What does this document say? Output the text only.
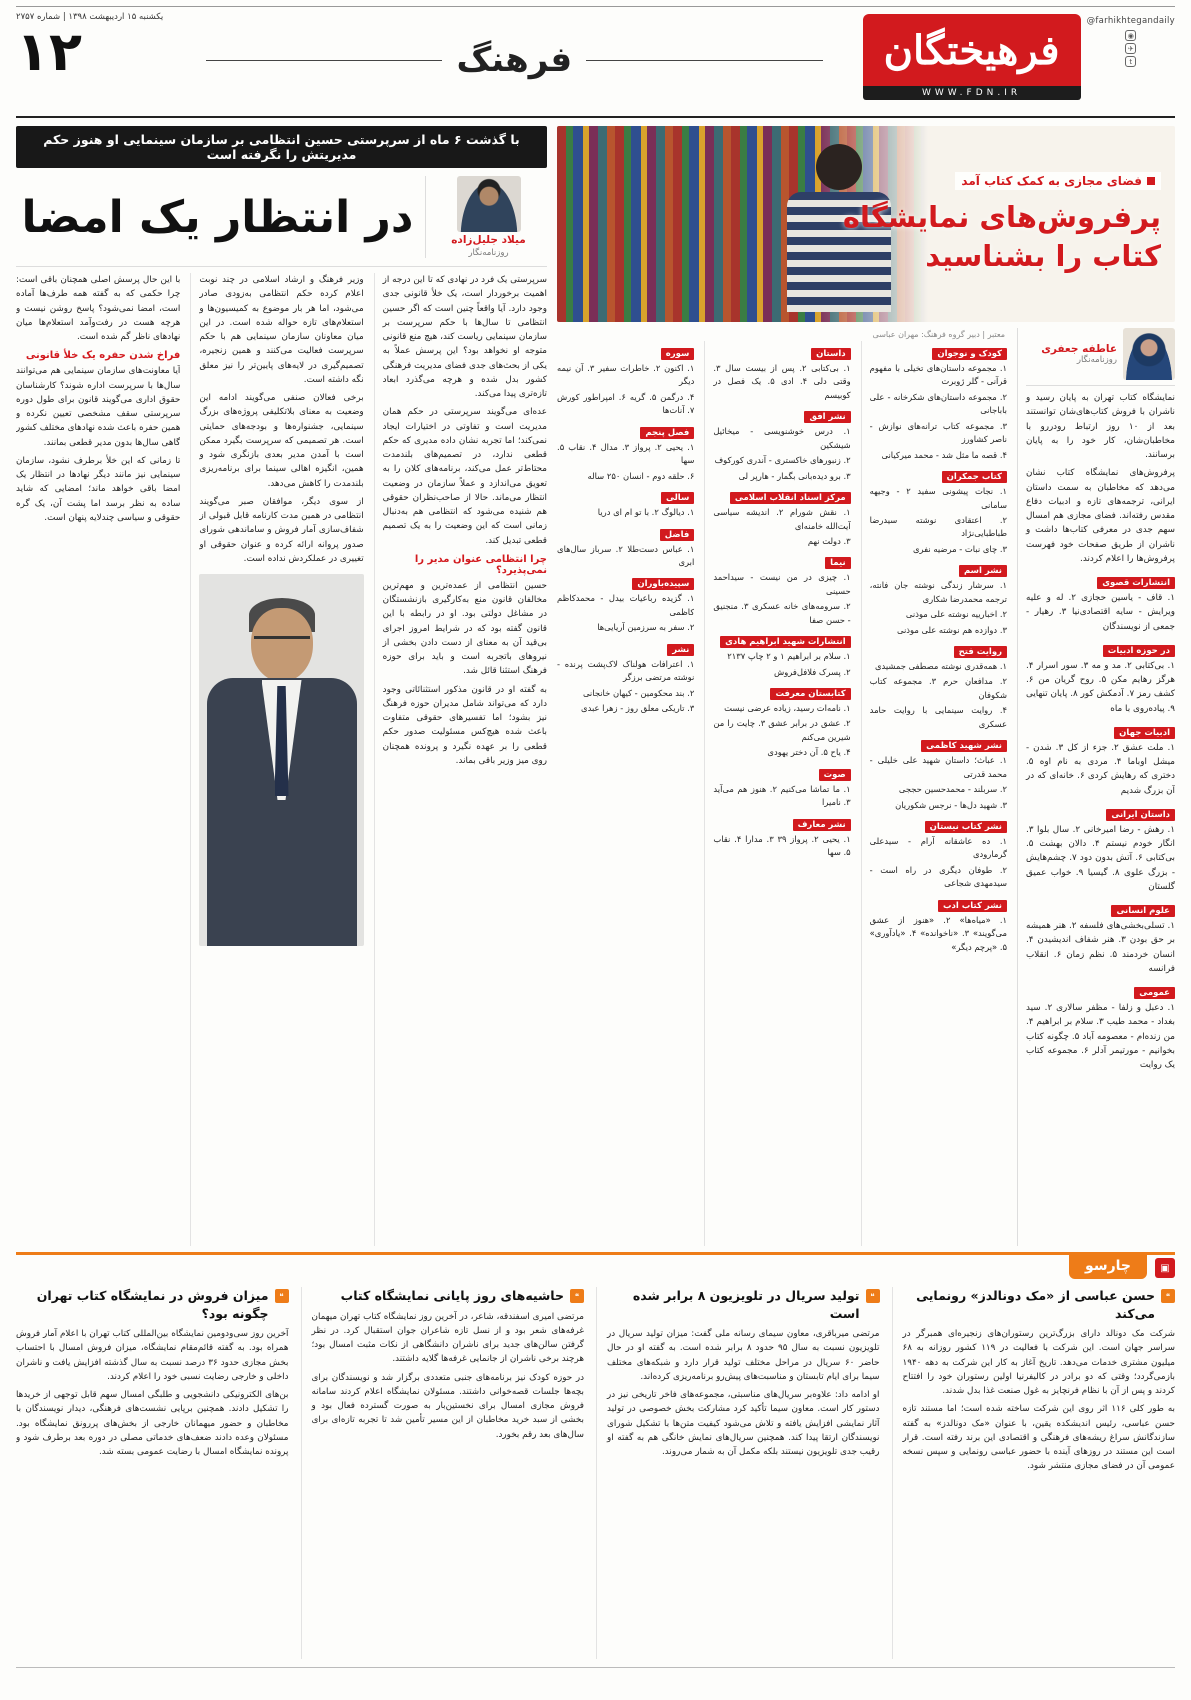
@farhikhtegandaily
◉
✈
t
فرهیختگان
WWW.FDN.IR
فرهنگ
یکشنبه ۱۵ اردیبهشت ۱۳۹۸ | شماره ۲۷۵۷
۱۲
فضای مجازی به کمک کتاب آمد
پرفروش‌های نمایشگاه
کتاب را بشناسید
عاطفه جعفری
روزنامه‌نگار

نمایشگاه کتاب تهران به پایان رسید و ناشران با فروش کتاب‌های‌شان توانستند بعد از ۱۰ روز ارتباط رودررو با مخاطبان‌شان، کار خود را به پایان برسانند.

پرفروش‌های نمایشگاه کتاب نشان می‌دهد که مخاطبان به سمت داستان ایرانی، ترجمه‌های تازه و ادبیات دفاع مقدس رفته‌اند. فضای مجازی هم امسال سهم جدی در معرفی کتاب‌ها داشت و ناشران از طریق صفحات خود فهرست پرفروش‌ها را اعلام کردند.

انتشارات قصوی

۱. قاف - یاسین حجازی ۲. له و علیه ویرایش - سایه اقتصادی‌نیا ۳. رهیار - جمعی از نویسندگان

در حوزه ادبیات

۱. بی‌کتابی ۲. مد و مه ۳. سور اسرار ۴. هرگز رهایم مکن ۵. روح گریان من ۶. کشف رمز ۷. آدمکش کور ۸. پایان تنهایی ۹. پیاده‌روی با ماه

ادبیات جهان

۱. ملت عشق ۲. جزء از کل ۳. شدن - میشل اوباما ۴. مردی به نام اوه ۵. دختری که رهایش کردی ۶. خانه‌ای که در آن بزرگ شدیم

داستان ایرانی

۱. رهش - رضا امیرخانی ۲. سال بلوا ۳. انگار خودم نیستم ۴. دالان بهشت ۵. بی‌کتابی ۶. آتش بدون دود ۷. چشم‌هایش - بزرگ علوی ۸. گیسیا ۹. خواب عمیق گلستان

علوم انسانی

۱. تسلی‌بخشی‌های فلسفه ۲. هنر همیشه بر حق بودن ۳. هنر شفاف اندیشیدن ۴. انسان خردمند ۵. نظم زمان ۶. انقلاب فرانسه

عمومی

۱. دعبل و زلفا - مظفر سالاری ۲. سید بغداد - محمد طیب ۳. سلام بر ابراهیم ۴. من زنده‌ام - معصومه آباد ۵. چگونه کتاب بخوانیم - مورتیمر آدلر ۶. مجموعه کتاب یک روایت

معتبر | دبیر گروه فرهنگ: مهران عباسی
کودک و نوجوان
۱. مجموعه داستان‌های تخیلی با مفهوم قرآنی - گلر ژوبرت
۲. مجموعه داستان‌های شکرخانه - علی باباجانی
۳. مجموعه کتاب ترانه‌های نوازش - ناصر کشاورز
۴. قصه ما مثل شد - محمد میرکیانی
کتاب جمکران
۱. نجات پیشونی سفید ۲ - وجیهه سامانی
۲. اعتقادی نوشته سیدرضا طباطبایی‌نژاد
۳. چای نبات - مرضیه نفری
نشر اسم
۱. سرشار زندگی نوشته جان فانته، ترجمه محمدرضا شکاری
۲. اخبارییه نوشته علی موذنی
۳. دوازده هم نوشته علی موذنی
روایت فتح
۱. همه‌قدری نوشته مصطفی جمشیدی
۲. مدافعان حرم ۳. مجموعه کتاب شکوفان
۴. روایت سینمایی با روایت حامد عسکری
نشر شهید کاظمی
۱. عباث؛ داستان شهید علی خلیلی - محمد قدرتی
۲. سربلند - محمدحسین حججی
۳. شهید دل‌ها - نرجس شکوریان
نشر کتاب نیستان
۱. ده عاشقانه آرام - سیدعلی گرمارودی
۲. طوفان دیگری در راه است - سیدمهدی شجاعی
نشر کتاب ادب
۱. «میاه‌ها» ۲. «هنوز از عشق می‌گویند» ۳. «ناخوانده» ۴. «یادآوری» ۵. «پرچم دیگر»
داستان
۱. بی‌کتابی ۲. پس از بیست سال ۳. وقتی دلی ۴. ادی ۵. یک فصل در کوبیسم
نشر افق
۱. درس خوشنویسی - میخائیل شیشکین
۲. زنبورهای خاکستری - آندری کورکوف
۳. برو دیده‌بانی بگمار - هارپر لی
مرکز اسناد انقلاب اسلامی
۱. نقش شورام ۲. اندیشه سیاسی آیت‌الله خامنه‌ای
۳. دولت نهم
نیما
۱. چیزی در من نیست - سیداحمد حسینی
۲. سرومه‌های خانه عسکری ۳. منجنیق - حسن صفا
انتشارات شهید ابراهیم هادی
۱. سلام بر ابراهیم ۱ و ۲ چاپ ۲۱۳۷
۲. پسرک فلافل‌فروش
کتابستان معرفت
۱. نامه‌ات رسید، زیاده عرضی نیست
۲. عشق در برابر عشق ۳. چایت را من شیرین می‌کنم
۴. یاح ۵. آن دختر یهودی
صوت
۱. ما تماشا می‌کنیم ۲. هنوز هم می‌آید ۳. نامیرا
نشر معارف
۱. یحیی ۲. پرواز ۳۹ ۳. مدارا ۴. نقاب ۵. سها
سوره
۱. اکنون ۲. خاطرات سفیر ۳. آن نیمه دیگر
۴. درگمن ۵. گریه ۶. امپراطور کورش ۷. آنات‌ها
فصل پنجم
۱. یحیی ۲. پرواز ۳. مدال ۴. نقاب ۵. سها
۶. حلقه دوم - انسان ۲۵۰ ساله
سالی
۱. دیالوگ ۲. با تو ام ای دریا
فاضل
۱. عباس دست‌طلا ۲. سرباز سال‌های ابری
سپیده‌باوران
۱. گزیده رباعیات بیدل - محمدکاظم کاظمی
۲. سفر به سرزمین آریایی‌ها
نشر
۱. اعترافات هولناک لاک‌پشت پرنده - نوشته مرتضی برزگر
۲. بند محکومین - کیهان خانجانی
۳. تاریکی معلق روز - زهرا عبدی
با گذشت ۶ ماه از سرپرستی حسین انتظامی بر سازمان سینمایی او هنوز حکم مدیریتش را نگرفته است
میلاد جلیل‌زاده
روزنامه‌نگار
در انتظار یک امضا

سرپرستی یک فرد در نهادی که تا این درجه از اهمیت برخوردار است، یک خلأ قانونی جدی وجود دارد. آیا واقعاً چنین است که اگر حسین انتظامی تا سال‌ها با حکم سرپرست بر سازمان سینمایی ریاست کند، هیچ منع قانونی متوجه او نخواهد بود؟ این پرسش عملاً به یکی از بحث‌های جدی فضای مدیریت فرهنگی کشور بدل شده و هرچه می‌گذرد ابعاد تازه‌تری پیدا می‌کند.

عده‌ای می‌گویند سرپرستی در حکم همان مدیریت است و تفاوتی در اختیارات ایجاد نمی‌کند؛ اما تجربه نشان داده مدیری که حکم قطعی ندارد، در تصمیم‌های بلندمدت محتاط‌تر عمل می‌کند، برنامه‌های کلان را به تعویق می‌اندازد و عملاً سازمان در وضعیت انتظار می‌ماند. حالا از صاحب‌نظران حقوقی هم شنیده می‌شود که انتظامی هم به‌دنبال زمانی است که این وضعیت را به یک تصمیم قطعی تبدیل کند.

چرا انتظامی عنوان مدیر را نمی‌پذیرد؟

حسین انتظامی از عمده‌ترین و مهم‌ترین مخالفان قانون منع به‌کارگیری بازنشستگان در مشاغل دولتی بود. او در رابطه با این قانون گفته بود که در شرایط امروز اجرای بی‌قید آن به معنای از دست دادن بخشی از نیروهای باتجربه است و باید برای حوزه فرهنگ استثنا قائل شد.

به گفته او در قانون مذکور استثنائاتی وجود دارد که می‌تواند شامل مدیران حوزه فرهنگ نیز بشود؛ اما تفسیرهای حقوقی متفاوت باعث شده هیچ‌کس مسئولیت صدور حکم قطعی را بر عهده نگیرد و پرونده همچنان روی میز وزیر باقی بماند.

وزیر فرهنگ و ارشاد اسلامی در چند نوبت اعلام کرده حکم انتظامی به‌زودی صادر می‌شود، اما هر بار موضوع به کمیسیون‌ها و استعلام‌های تازه حواله شده است. در این میان معاونان سازمان سینمایی هم با حکم سرپرست فعالیت می‌کنند و همین زنجیره، تصمیم‌گیری در لایه‌های پایین‌تر را نیز معلق نگه داشته است.

برخی فعالان صنفی می‌گویند ادامه این وضعیت به معنای بلاتکلیفی پروژه‌های بزرگ سینمایی، جشنواره‌ها و بودجه‌های حمایتی است. هر تصمیمی که سرپرست بگیرد ممکن است با آمدن مدیر بعدی بازنگری شود و همین، انگیزه اهالی سینما برای برنامه‌ریزی بلندمدت را کاهش می‌دهد.

از سوی دیگر، موافقان صبر می‌گویند انتظامی در همین مدت کارنامه قابل قبولی از شفاف‌سازی آمار فروش و ساماندهی شورای صدور پروانه ارائه کرده و عنوان حقوقی او تغییری در عملکردش نداده است.

با این حال پرسش اصلی همچنان باقی است: چرا حکمی که به گفته همه طرف‌ها آماده است، امضا نمی‌شود؟ پاسخ روشن نیست و هرچه هست در رفت‌وآمد استعلام‌ها میان نهادهای ناظر گم شده است.

فراخ شدن حفره یک خلأ قانونی

آیا معاونت‌های سازمان سینمایی هم می‌توانند سال‌ها با سرپرست اداره شوند؟ کارشناسان حقوق اداری می‌گویند قانون برای طول دوره سرپرستی سقف مشخصی تعیین نکرده و همین حفره باعث شده نهادهای مختلف کشور گاهی سال‌ها بدون مدیر قطعی بمانند.

تا زمانی که این خلأ برطرف نشود، سازمان سینمایی نیز مانند دیگر نهادها در انتظار یک امضا باقی خواهد ماند؛ امضایی که شاید ساده به نظر برسد اما پشت آن، یک گره حقوقی و سیاسی چندلایه پنهان است.

▣
چارسو
❝
حسن عباسی از «مک دونالدز» رونمایی می‌کند

شرکت مک دونالد دارای بزرگ‌ترین رستوران‌های زنجیره‌ای همبرگر در سراسر جهان است. این شرکت با فعالیت در ۱۱۹ کشور روزانه به ۶۸ میلیون مشتری خدمات می‌دهد. تاریخ آغاز به کار این شرکت به دهه ۱۹۴۰ بازمی‌گردد؛ وقتی که دو برادر در کالیفرنیا اولین رستوران خود را افتتاح کردند و پس از آن با نظام فرنچایز به غول صنعت غذا بدل شدند.

به طور کلی ۱۱۶ اثر روی این شرکت ساخته شده است؛ اما مستند تازه حسن عباسی، رئیس اندیشکده یقین، با عنوان «مک دونالدز» به گفته سازندگانش سراغ ریشه‌های فرهنگی و اقتصادی این برند رفته است. قرار است این مستند در روزهای آینده با حضور عباسی رونمایی و سپس نسخه عمومی آن در فضای مجازی منتشر شود.

❝
تولید سریال در تلویزیون ۸ برابر شده است

مرتضی میرباقری، معاون سیمای رسانه ملی گفت: میزان تولید سریال در تلویزیون نسبت به سال ۹۵ حدود ۸ برابر شده است. به گفته او در حال حاضر ۶۰ سریال در مراحل مختلف تولید قرار دارد و شبکه‌های مختلف سیما برای ایام تابستان و مناسبت‌های پیش‌رو برنامه‌ریزی کرده‌اند.

او ادامه داد: علاوه‌بر سریال‌های مناسبتی، مجموعه‌های فاخر تاریخی نیز در دستور کار است. معاون سیما تأکید کرد مشارکت بخش خصوصی در تولید آثار نمایشی افزایش یافته و تلاش می‌شود کیفیت متن‌ها با تشکیل شورای نویسندگان ارتقا پیدا کند. همچنین سریال‌های نمایش خانگی هم به گفته او رقیب جدی تلویزیون نیستند بلکه مکمل آن به شمار می‌روند.

❝
حاشیه‌های روز پایانی نمایشگاه کتاب

مرتضی امیری اسفندقه، شاعر، در آخرین روز نمایشگاه کتاب تهران میهمان غرفه‌های شعر بود و از نسل تازه شاعران جوان استقبال کرد. در نظر گرفتن سالن‌های جدید برای ناشران دانشگاهی از نکات مثبت امسال بود؛ هرچند برخی ناشران از جانمایی غرفه‌ها گلایه داشتند.

در حوزه کودک نیز برنامه‌های جنبی متعددی برگزار شد و نویسندگان برای بچه‌ها جلسات قصه‌خوانی داشتند. مسئولان نمایشگاه اعلام کردند سامانه فروش مجازی امسال برای نخستین‌بار به صورت گسترده فعال بود و بخشی از سبد خرید مخاطبان از این مسیر تأمین شد تا تجربه تازه‌ای برای سال‌های بعد رقم بخورد.

❝
میزان فروش در نمایشگاه کتاب تهران چگونه بود؟

آخرین روز سی‌ودومین نمایشگاه بین‌المللی کتاب تهران با اعلام آمار فروش همراه بود. به گفته قائم‌مقام نمایشگاه، میزان فروش امسال با احتساب بخش مجازی حدود ۳۶ درصد نسبت به سال گذشته افزایش یافت و ناشران داخلی و خارجی رضایت نسبی خود را اعلام کردند.

بن‌های الکترونیکی دانشجویی و طلبگی امسال سهم قابل توجهی از خریدها را تشکیل دادند. همچنین برپایی نشست‌های فرهنگی، دیدار نویسندگان با مخاطبان و حضور میهمانان خارجی از بخش‌های پررونق نمایشگاه بود. مسئولان وعده دادند ضعف‌های خدماتی مصلی در دوره بعد برطرف شود و پرونده نمایشگاه امسال با رضایت عمومی بسته شد.
